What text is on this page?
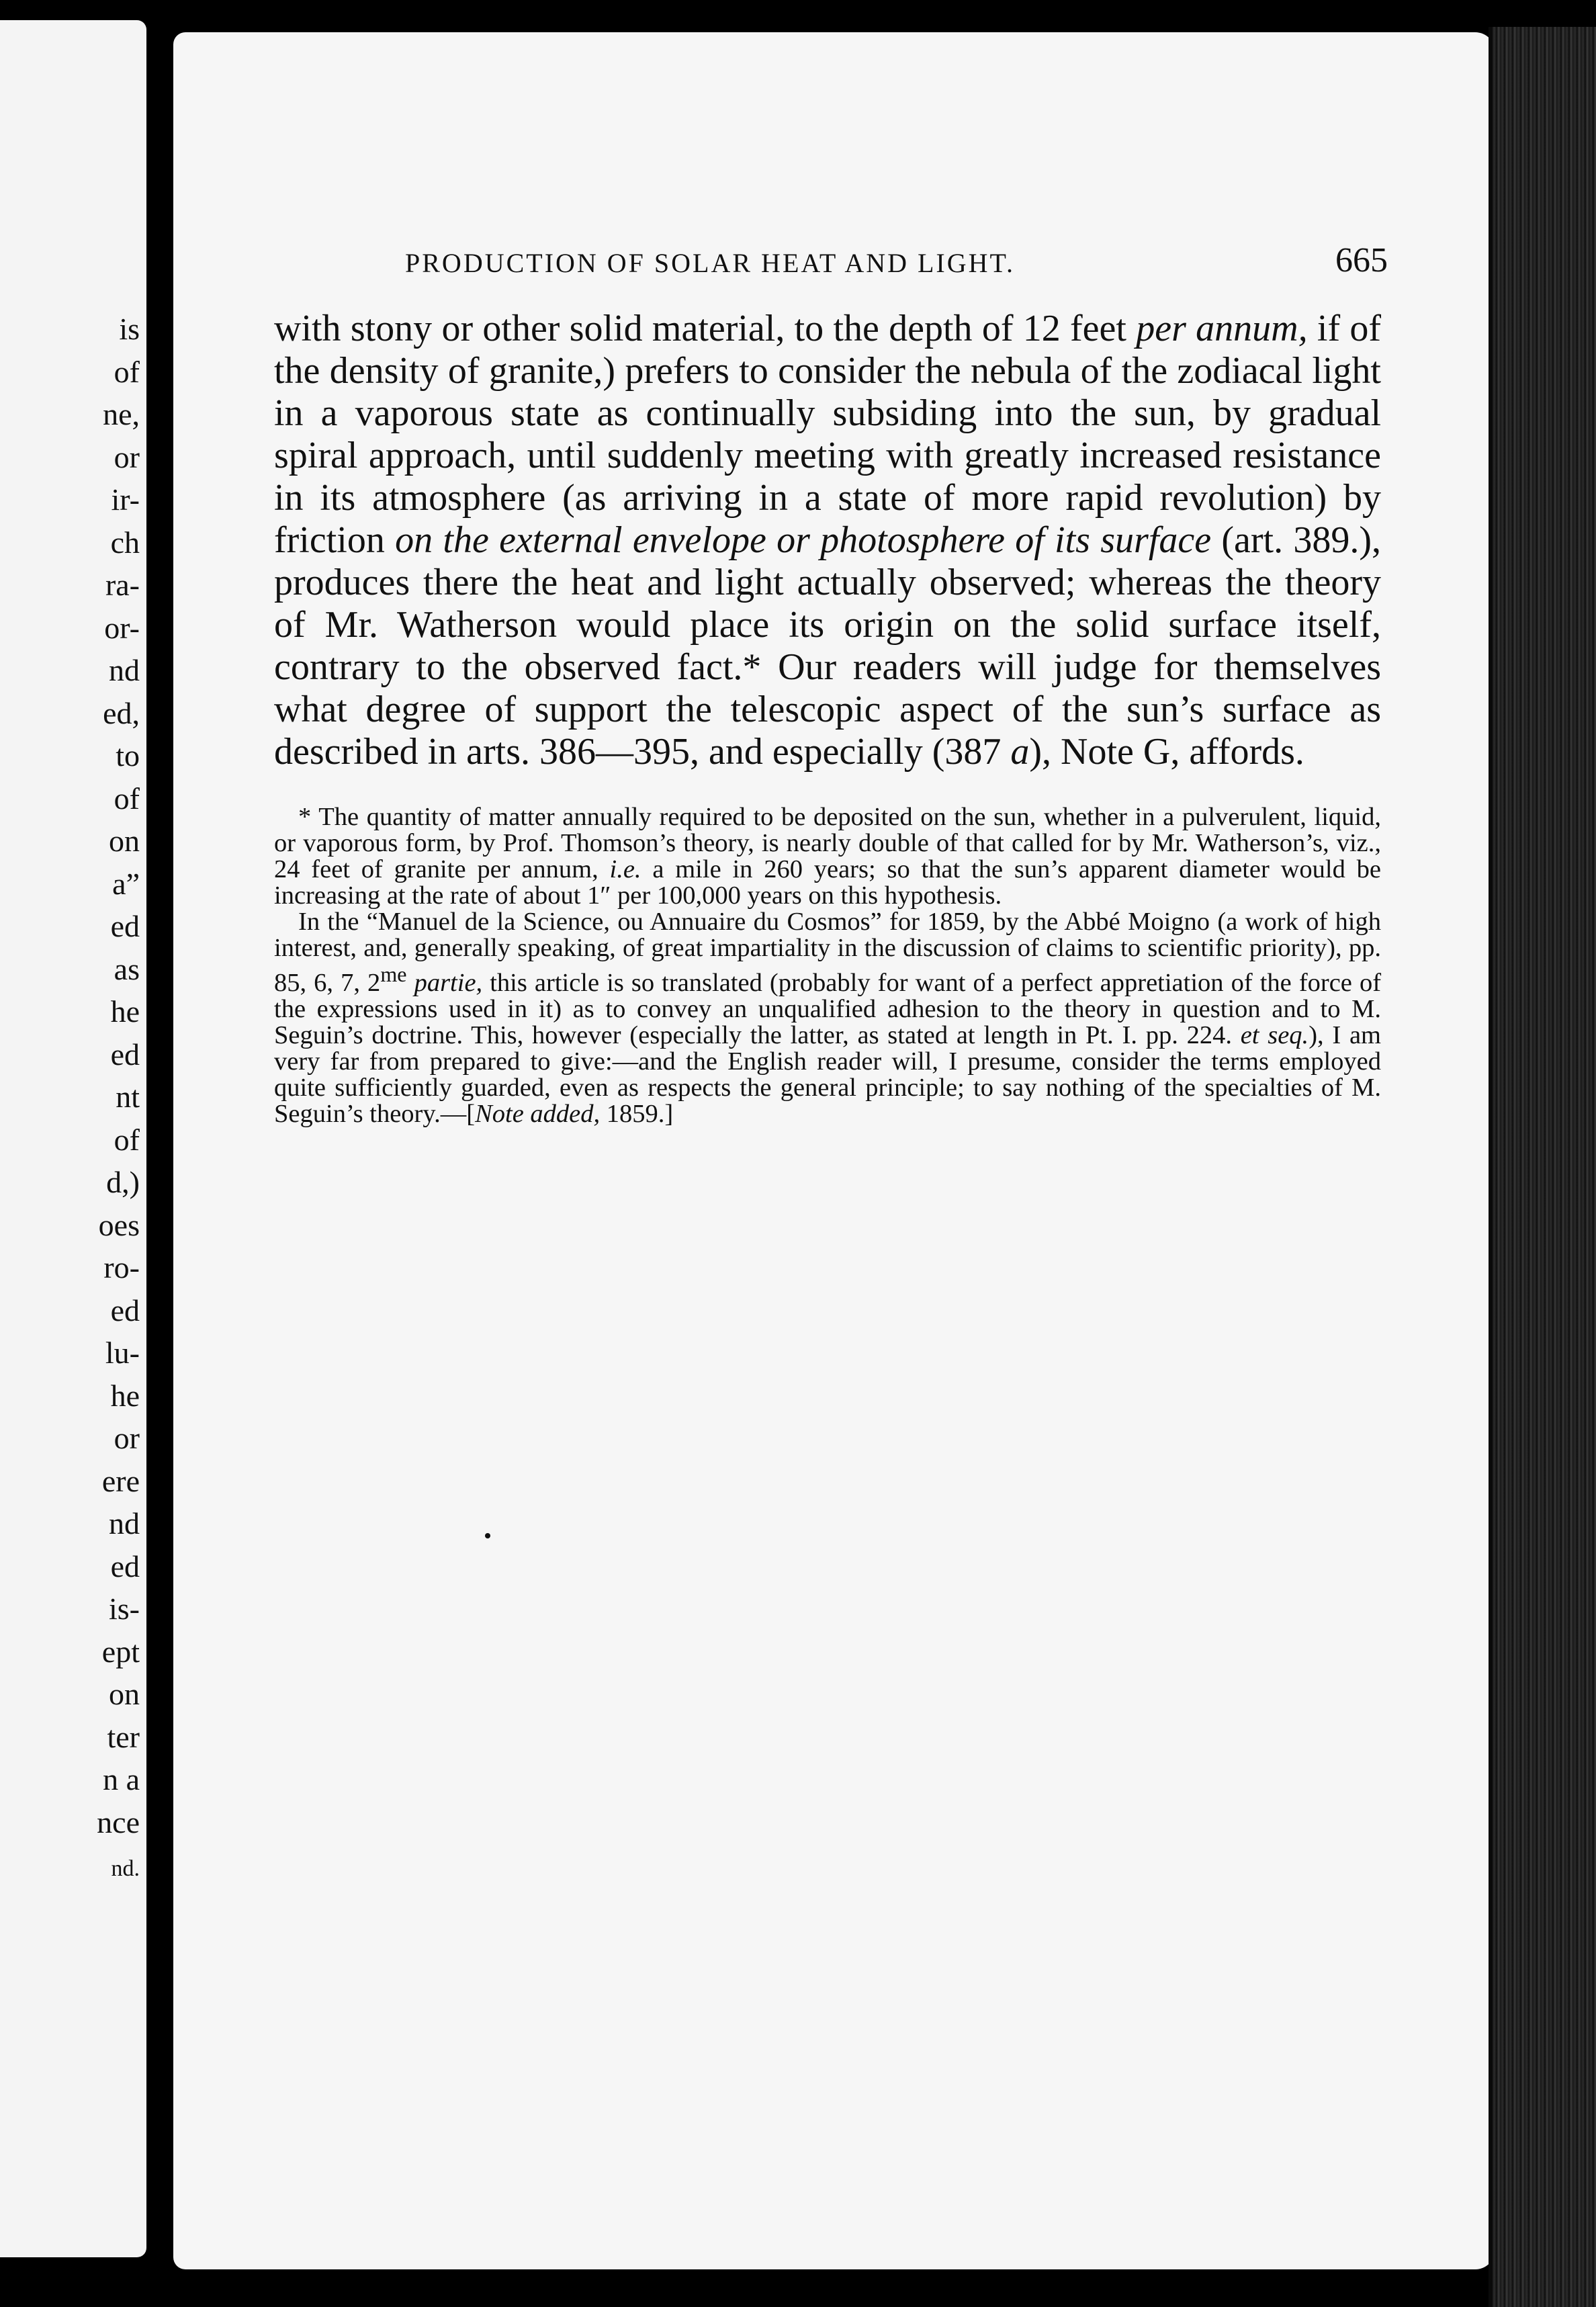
is
of
ne,
or
ir-
ch
ra-
or-
nd
ed,
to
of
on
a”
ed
as
he
ed
nt
of
d,)
oes
ro-
ed
lu-
he
or
ere
nd
ed
is-
ept
on
ter
n a
nce
nd.
PRODUCTION OF SOLAR HEAT AND LIGHT.	665

with stony or other solid material, to the depth of 12 feet per annum, if of the density of granite,) prefers to consider the nebula of the zodiacal light in a vaporous state as continually subsiding into the sun, by gradual spiral approach, until suddenly meeting with greatly increased resistance in its atmosphere (as arriving in a state of more rapid revolution) by friction on the external envelope or photosphere of its surface (art. 389.), produces there the heat and light actually observed; whereas the theory of Mr. Watherson would place its origin on the solid surface itself, contrary to the observed fact.* Our readers will judge for themselves what degree of support the telescopic aspect of the sun’s surface as described in arts. 386—395, and especially (387 a), Note G, affords.

* The quantity of matter annually required to be deposited on the sun, whether in a pulverulent, liquid, or vaporous form, by Prof. Thomson’s theory, is nearly double of that called for by Mr. Watherson’s, viz., 24 feet of granite per annum, i.e. a mile in 260 years; so that the sun’s apparent diameter would be increasing at the rate of about 1″ per 100,000 years on this hypothesis.

In the “Manuel de la Science, ou Annuaire du Cosmos” for 1859, by the Abbé Moigno (a work of high interest, and, generally speaking, of great impartiality in the discussion of claims to scientific priority), pp. 85, 6, 7, $2^{me}$ partie, this article is so translated (probably for want of a perfect appretiation of the force of the expressions used in it) as to convey an unqualified adhesion to the theory in question and to M. Seguin’s doctrine. This, however (especially the latter, as stated at length in Pt. I. pp. 224. et seq.), I am very far from prepared to give:—and the English reader will, I presume, consider the terms employed quite sufficiently guarded, even as respects the general principle; to say nothing of the specialties of M. Seguin’s theory.—[Note added, 1859.]
